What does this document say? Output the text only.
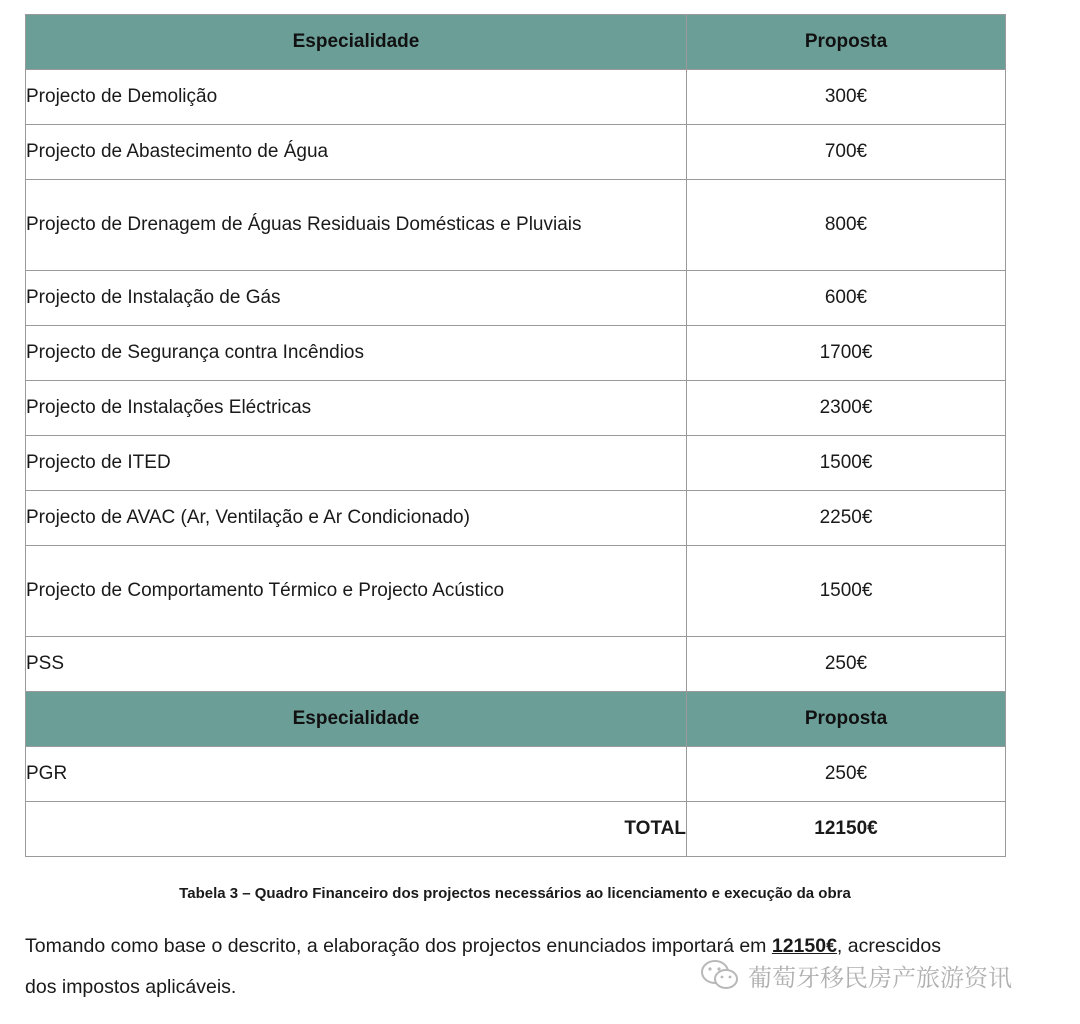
Especialidade	Proposta
Projecto de Demolição	300€
Projecto de Abastecimento de Água	700€
Projecto de Drenagem de Águas Residuais Domésticas e Pluviais	800€
Projecto de Instalação de Gás	600€
Projecto de Segurança contra Incêndios	1700€
Projecto de Instalações Eléctricas	2300€
Projecto de ITED	1500€
Projecto de AVAC (Ar, Ventilação e Ar Condicionado)	2250€
Projecto de Comportamento Térmico e Projecto Acústico	1500€
PSS	250€
Especialidade	Proposta
PGR	250€
TOTAL	12150€
Tabela 3 – Quadro Financeiro dos projectos necessários ao licenciamento e execução da obra
Tomando como base o descrito, a elaboração dos projectos enunciados importará em 12150€, acrescidos
dos impostos aplicáveis.	葡萄牙移民房产旅游资讯
